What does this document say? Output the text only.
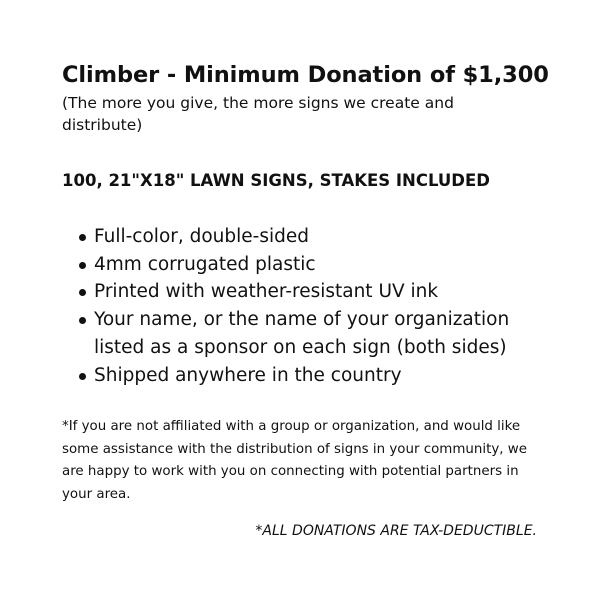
Climber - Minimum Donation of $1,300

(The more you give, the more signs we create and distribute)

100, 21"X18" LAWN SIGNS, STAKES INCLUDED
Full-color, double-sided
4mm corrugated plastic
Printed with weather-resistant UV ink
Your name, or the name of your organization listed as a sponsor on each sign (both sides)
Shipped anywhere in the country

*If you are not affiliated with a group or organization, and would like some assistance with the distribution of signs in your community, we are happy to work with you on connecting with potential partners in your area.

*ALL DONATIONS ARE TAX-DEDUCTIBLE.
